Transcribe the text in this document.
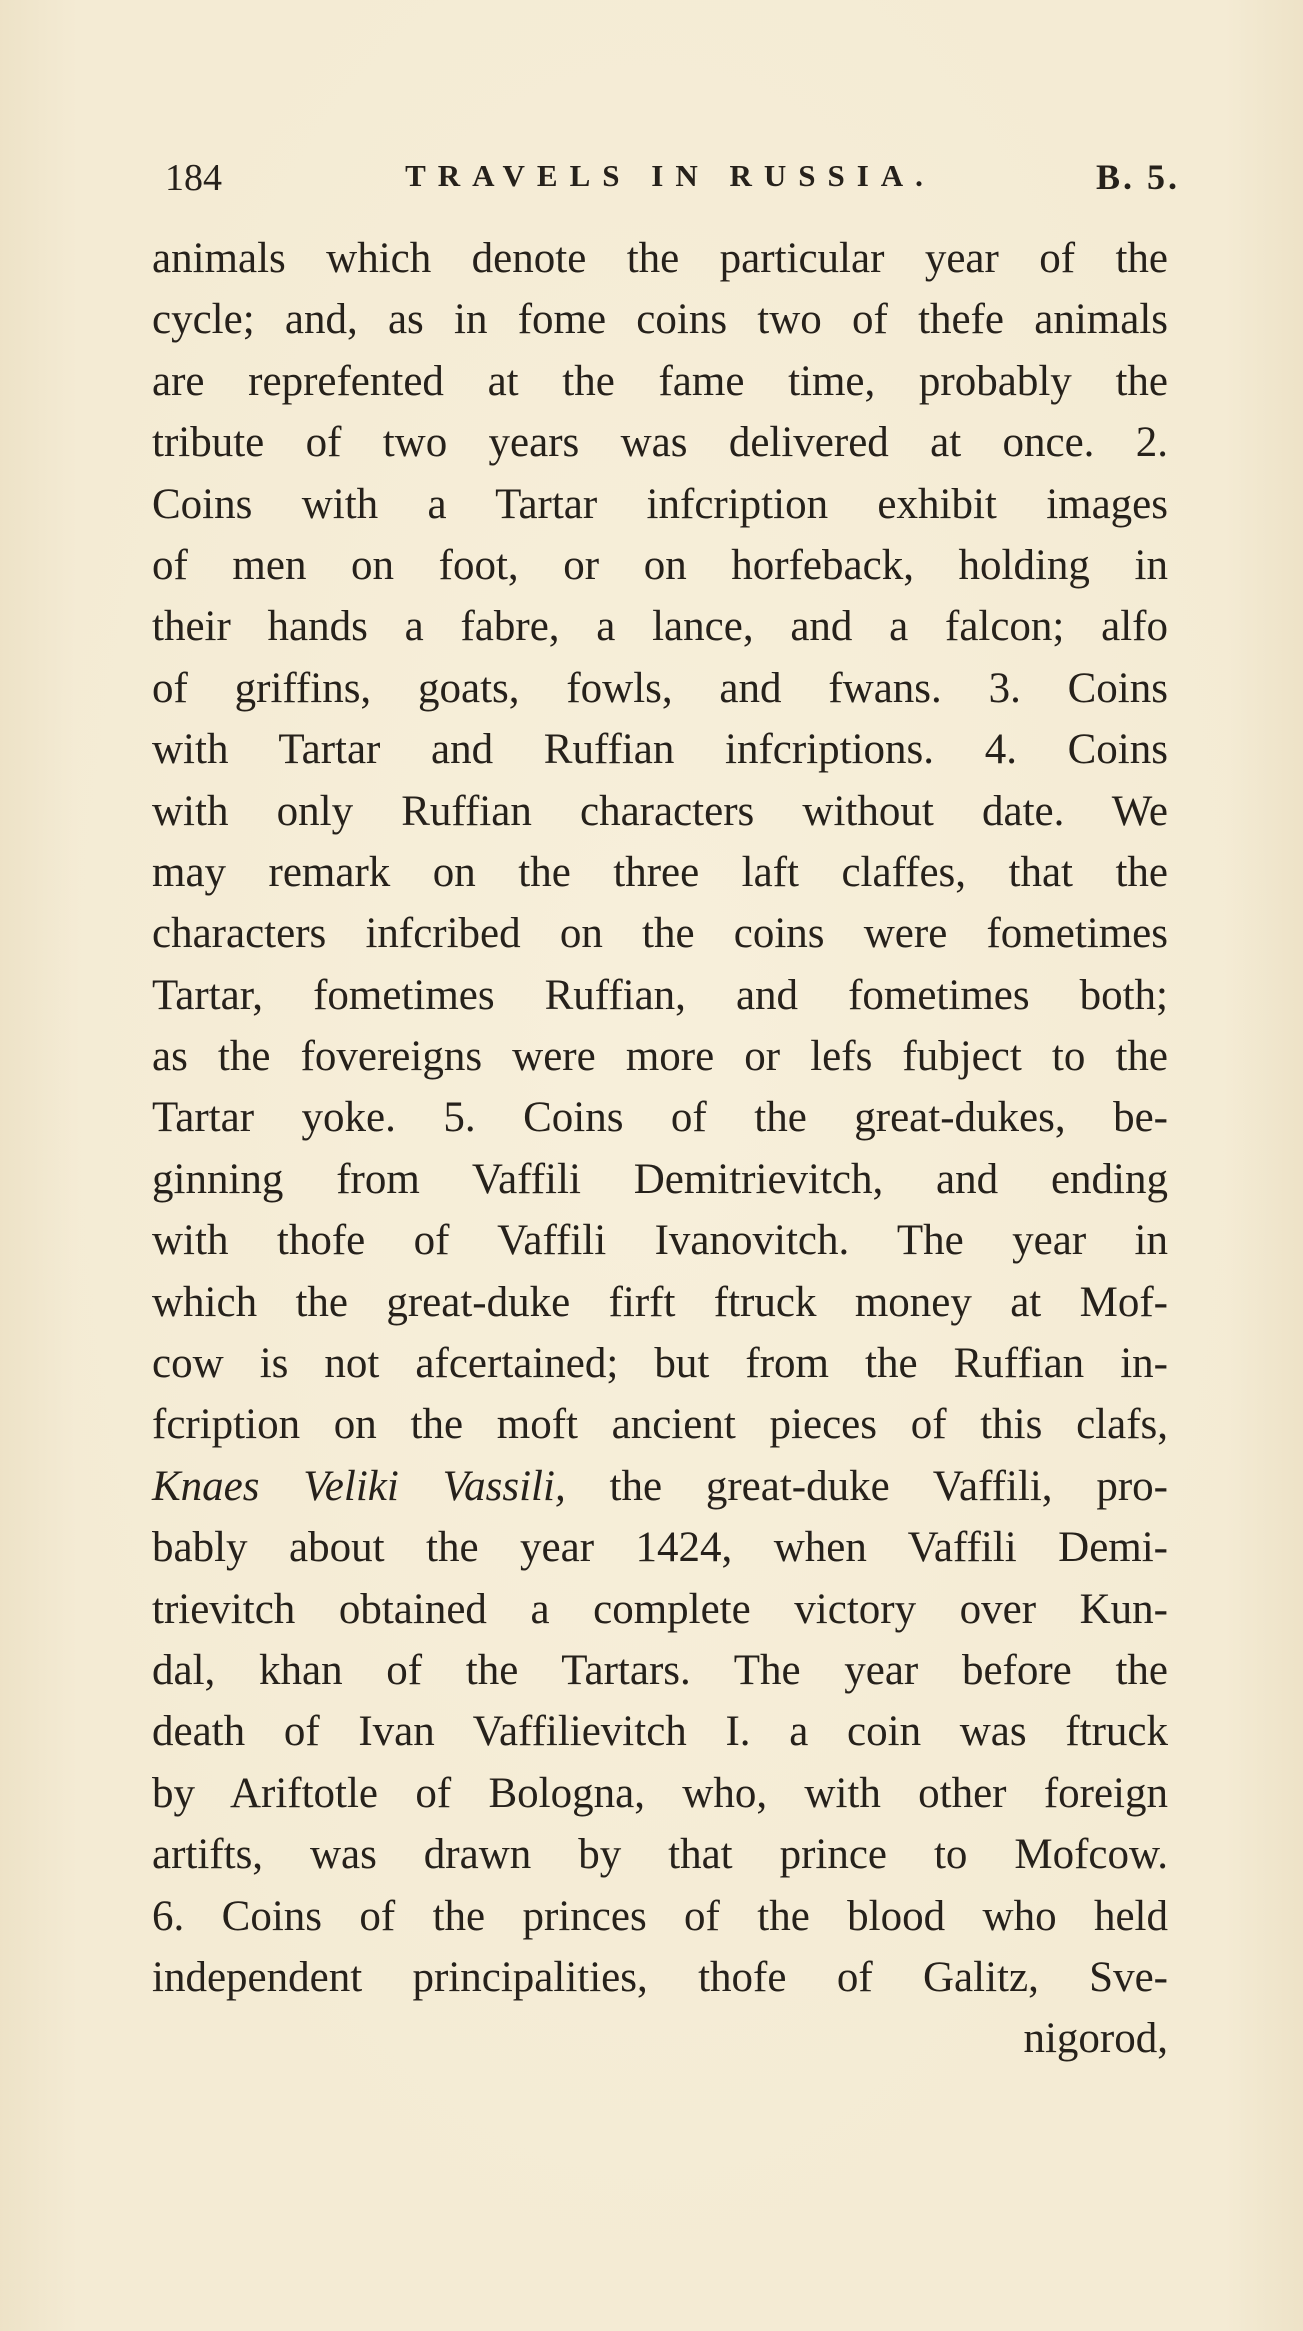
184	TRAVELS IN RUSSIA.	B. 5.
animals which denote the particular year of the
cycle; and, as in fome coins two of thefe animals
are reprefented at the fame time, probably the
tribute of two years was delivered at once. 2.
Coins with a Tartar infcription exhibit images
of men on foot, or on horfeback, holding in
their hands a fabre, a lance, and a falcon; alfo
of griffins, goats, fowls, and fwans. 3. Coins
with Tartar and Ruffian infcriptions. 4. Coins
with only Ruffian characters without date. We
may remark on the three laft claffes, that the
characters infcribed on the coins were fometimes
Tartar, fometimes Ruffian, and fometimes both;
as the fovereigns were more or lefs fubject to the
Tartar yoke. 5. Coins of the great-dukes, be-
ginning from Vaffili Demitrievitch, and ending
with thofe of Vaffili Ivanovitch. The year in
which the great-duke firft ftruck money at Mof-
cow is not afcertained; but from the Ruffian in-
fcription on the moft ancient pieces of this clafs,
Knaes Veliki Vassili, the great-duke Vaffili, pro-
bably about the year 1424, when Vaffili Demi-
trievitch obtained a complete victory over Kun-
dal, khan of the Tartars. The year before the
death of Ivan Vaffilievitch I. a coin was ftruck
by Ariftotle of Bologna, who, with other foreign
artifts, was drawn by that prince to Mofcow.
6. Coins of the princes of the blood who held
independent principalities, thofe of Galitz, Sve-
nigorod,
